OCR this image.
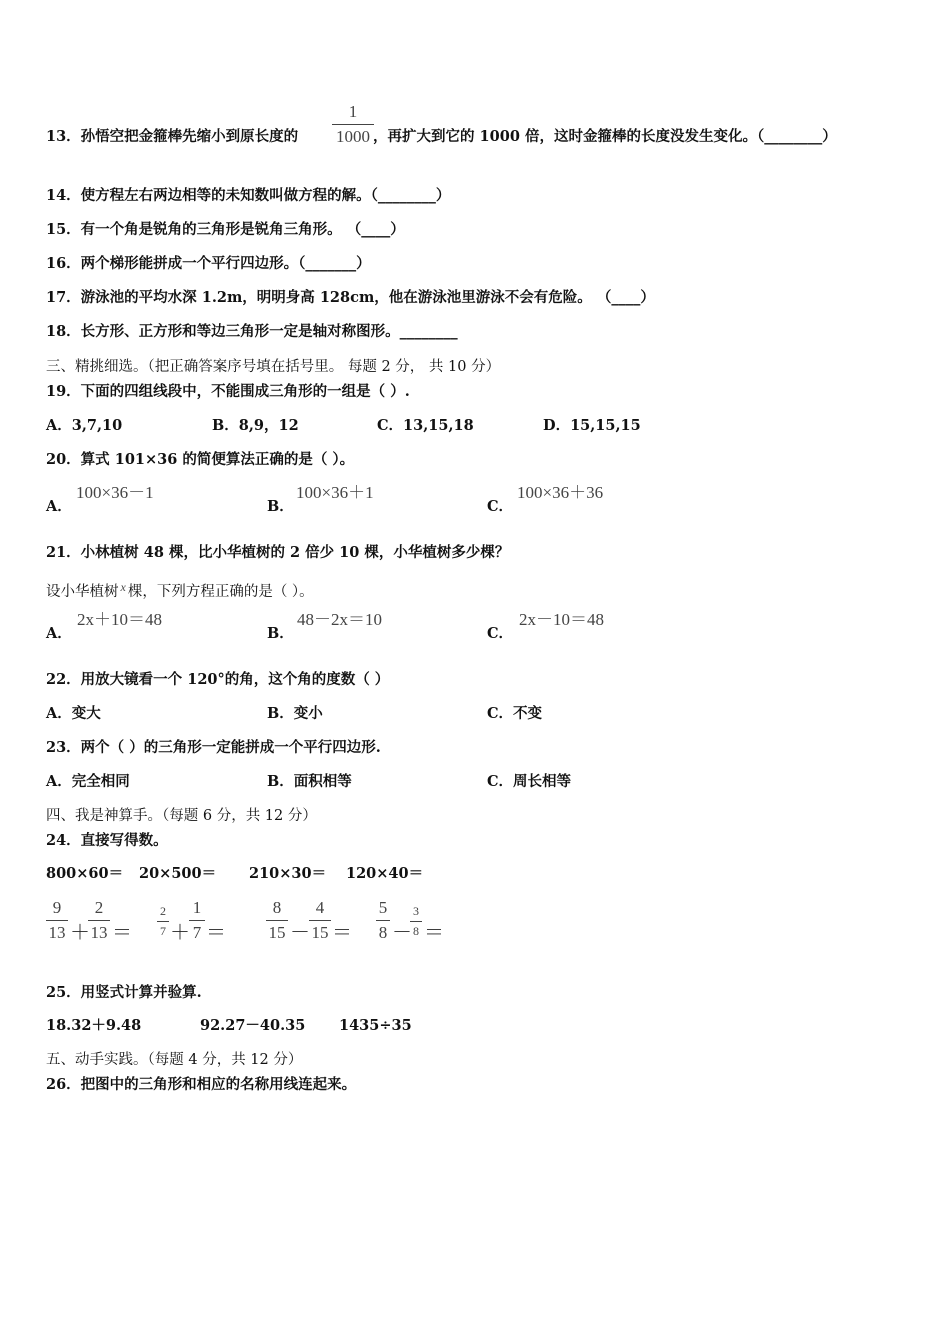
13．孙悟空把金箍棒先缩小到原长度的
1
1000 ，再扩大到它的 1000 倍，这时金箍棒的长度没发生变化。（________）
14．使方程左右两边相等的未知数叫做方程的解。（________）
15．有一个角是锐角的三角形是锐角三角形。 （____）
16．两个梯形能拼成一个平行四边形。（_______）
17．游泳池的平均水深 1.2m，明明身高 128cm，他在游泳池里游泳不会有危险。 （____）
18．长方形、正方形和等边三角形一定是轴对称图形。________
三、精挑细选。（把正确答案序号填在括号里。 每题 2 分， 共 10 分）
19．下面的四组线段中，不能围成三角形的一组是（ ）.
A．3,7,10	B．8,9，12	C．13,15,18	D．15,15,15
20．算式 101×36 的简便算法正确的是（ ）。
A．
100×36－1
B．
100×36＋1
C．
100×36＋36
21．小林植树 48 棵，比小华植树的 2 倍少 10 棵，小华植树多少棵？
设小华植树 $^x$ 棵，下列方程正确的是（ ）。
A．
2x＋10＝48
B．
48－2x＝10
C．
2x－10＝48
22．用放大镜看一个 120°的角，这个角的度数（ ）
A．变大	B．变小	C．不变
23．两个（ ）的三角形一定能拼成一个平行四边形.
A．完全相同	B．面积相等	C．周长相等
四、我是神算手。（每题 6 分，共 12 分）
24．直接写得数。
800×60＝ 20×500＝ 210×30＝ 120×40＝
9
13 ＋
2
13 ＝
2
7 ＋
1
7 ＝
8
15 －
4
15 ＝
5
8 －
3
8 ＝
25．用竖式计算并验算.
18.32＋9.48	92.27－40.35 1435÷35
五、动手实践。（每题 4 分，共 12 分）
26．把图中的三角形和相应的名称用线连起来。
